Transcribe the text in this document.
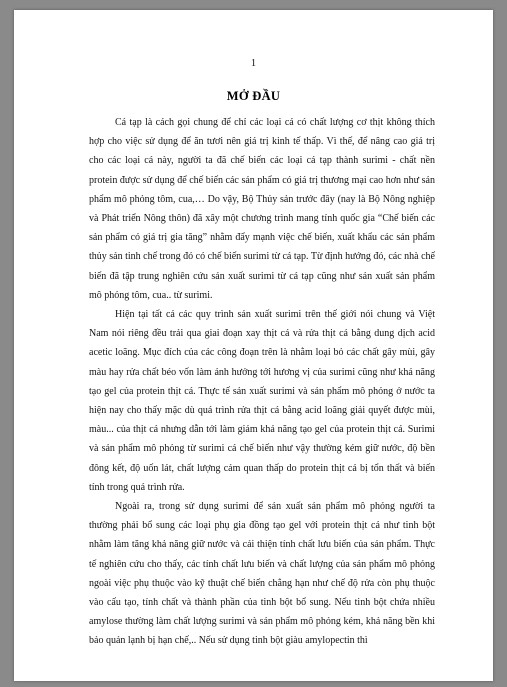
1
MỞ ĐẦU

Cá tạp là cách gọi chung để chỉ các loại cá có chất lượng cơ thịt không thích hợp cho việc sử dụng để ăn tươi nên giá trị kinh tế thấp. Vì thế, để nâng cao giá trị cho các loại cá này, người ta đã chế biến các loại cá tạp thành surimi - chất nền protein được sử dụng để chế biến các sản phẩm có giá trị thương mại cao hơn như sản phẩm mô phỏng tôm, cua,… Do vậy, Bộ Thủy sản trước đây (nay là Bộ Nông nghiệp và Phát triển Nông thôn) đã xây một chương trình mang tính quốc gia “Chế biến các sản phẩm có giá trị gia tăng” nhằm đẩy mạnh việc chế biến, xuất khẩu các sản phẩm thủy sản tinh chế trong đó có chế biến surimi từ cá tạp. Từ định hướng đó, các nhà chế biến đã tập trung nghiên cứu sản xuất surimi từ cá tạp cũng như sản xuất sản phẩm mô phỏng tôm, cua.. từ surimi.

Hiện tại tất cả các quy trình sản xuất surimi trên thế giới nói chung và Việt Nam nói riêng đều trải qua giai đoạn xay thịt cá và rửa thịt cá bằng dung dịch acid acetic loãng. Mục đích của các công đoạn trên là nhằm loại bỏ các chất gây mùi, gây màu hay rửa chất béo vốn làm ảnh hưởng tới hương vị của surimi cũng như khả năng tạo gel của protein thịt cá. Thực tế sản xuất surimi và sản phẩm mô phỏng ở nước ta hiện nay cho thấy mặc dù quá trình rửa thịt cá bằng acid loãng giải quyết được mùi, màu... của thịt cá nhưng dẫn tới làm giảm khả năng tạo gel của protein thịt cá. Surimi và sản phẩm mô phỏng từ surimi cá chế biến như vậy thường kém giữ nước, độ bền đông kết, độ uốn lát, chất lượng cảm quan thấp do protein thịt cá bị tổn thất và biến tính trong quá trình rửa.

Ngoài ra, trong sử dụng surimi để sản xuất sản phẩm mô phỏng người ta thường phải bổ sung các loại phụ gia đồng tạo gel với protein thịt cá như tinh bột nhằm làm tăng khả năng giữ nước và cải thiện tính chất lưu biến của sản phẩm. Thực tế nghiên cứu cho thấy, các tính chất lưu biến và chất lượng của sản phẩm mô phỏng ngoài việc phụ thuộc vào kỹ thuật chế biến chẳng hạn như chế độ rửa còn phụ thuộc vào cấu tạo, tính chất và thành phần của tinh bột bổ sung. Nếu tinh bột chứa nhiều amylose thường làm chất lượng surimi và sản phẩm mô phỏng kém, khả năng bền khi bảo quản lạnh bị hạn chế,.. Nếu sử dụng tinh bột giàu amylopectin thì
